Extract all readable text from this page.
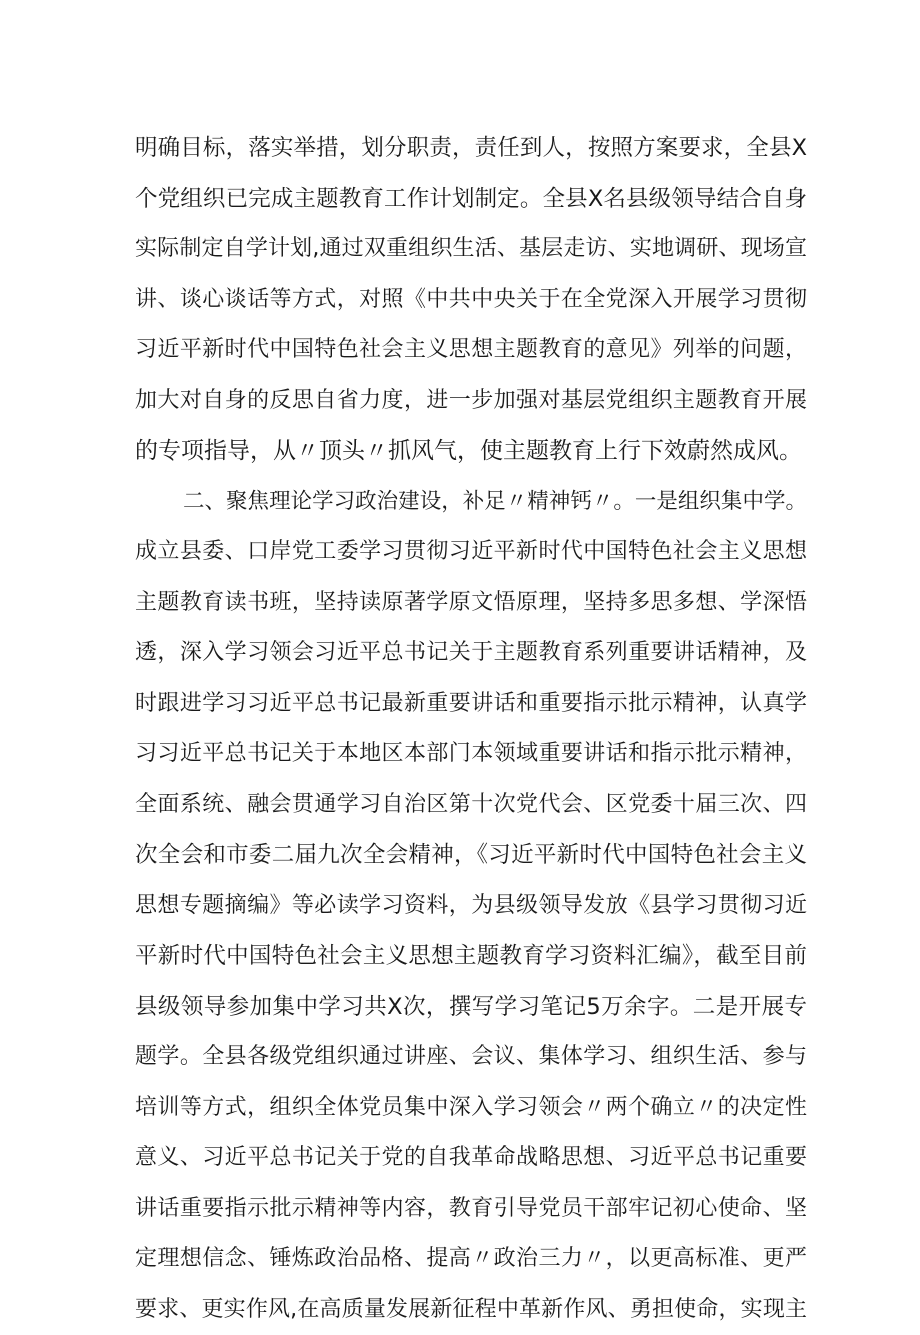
明确目标，落实举措，划分职责，责任到人，按照方案要求，全县X
个党组织已完成主题教育工作计划制定。全县X名县级领导结合自身
实际制定自学计划,通过双重组织生活、基层走访、实地调研、现场宣
讲、谈心谈话等方式，对照《中共中央关于在全党深入开展学习贯彻
习近平新时代中国特色社会主义思想主题教育的意见》列举的问题，
加大对自身的反思自省力度，进一步加强对基层党组织主题教育开展
的专项指导，从〃顶头〃抓风气，使主题教育上行下效蔚然成风。
二、聚焦理论学习政治建设，补足〃精神钙〃。一是组织集中学。
成立县委、口岸党工委学习贯彻习近平新时代中国特色社会主义思想
主题教育读书班，坚持读原著学原文悟原理，坚持多思多想、学深悟
透，深入学习领会习近平总书记关于主题教育系列重要讲话精神，及
时跟进学习习近平总书记最新重要讲话和重要指示批示精神，认真学
习习近平总书记关于本地区本部门本领域重要讲话和指示批示精神，
全面系统、融会贯通学习自治区第十次党代会、区党委十届三次、四
次全会和市委二届九次全会精神，《习近平新时代中国特色社会主义
思想专题摘编》等必读学习资料，为县级领导发放《县学习贯彻习近
平新时代中国特色社会主义思想主题教育学习资料汇编》，截至目前
县级领导参加集中学习共X次，撰写学习笔记5万余字。二是开展专
题学。全县各级党组织通过讲座、会议、集体学习、组织生活、参与
培训等方式，组织全体党员集中深入学习领会〃两个确立〃的决定性
意义、习近平总书记关于党的自我革命战略思想、习近平总书记重要
讲话重要指示批示精神等内容，教育引导党员干部牢记初心使命、坚
定理想信念、锤炼政治品格、提高〃政治三力〃，以更高标准、更严
要求、更实作风,在高质量发展新征程中革新作风、勇担使命，实现主
